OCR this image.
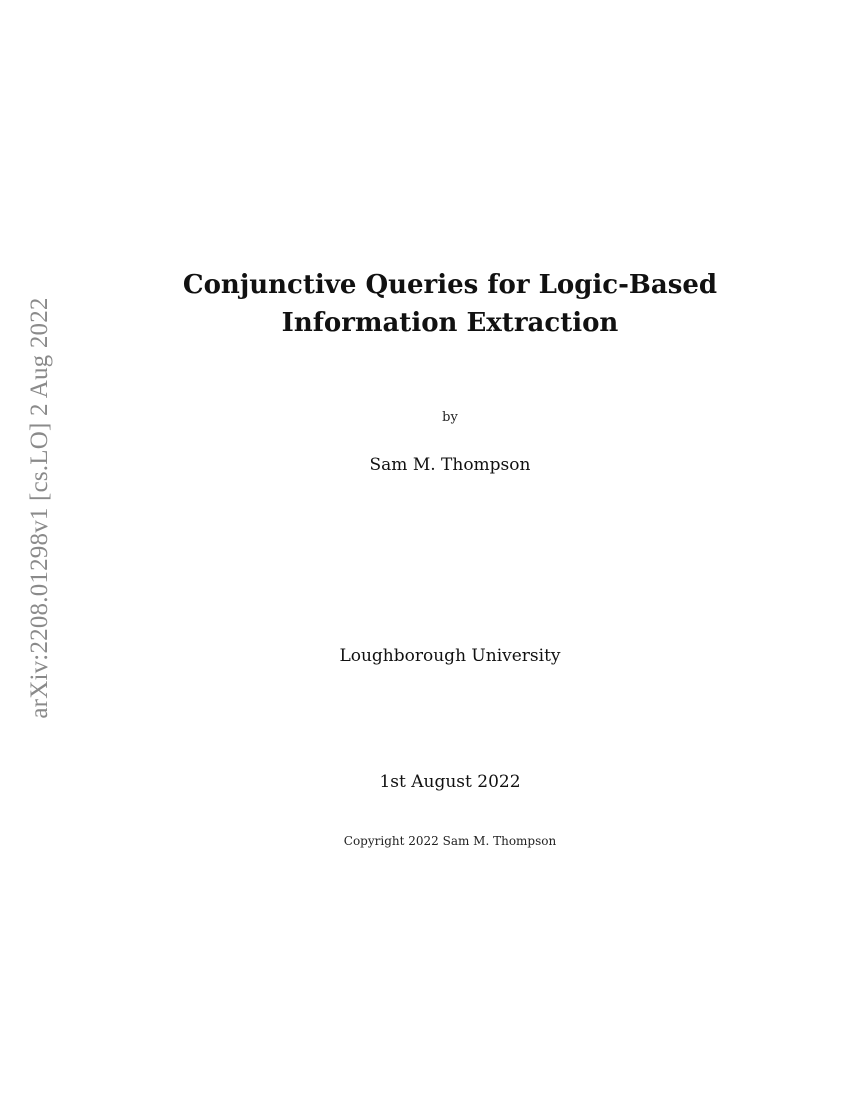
arXiv:2208.01298v1 [cs.LO] 2 Aug 2022
Conjunctive Queries for Logic-Based
Information Extraction
by
Sam M. Thompson
Loughborough University
1st August 2022
Copyright 2022 Sam M. Thompson
